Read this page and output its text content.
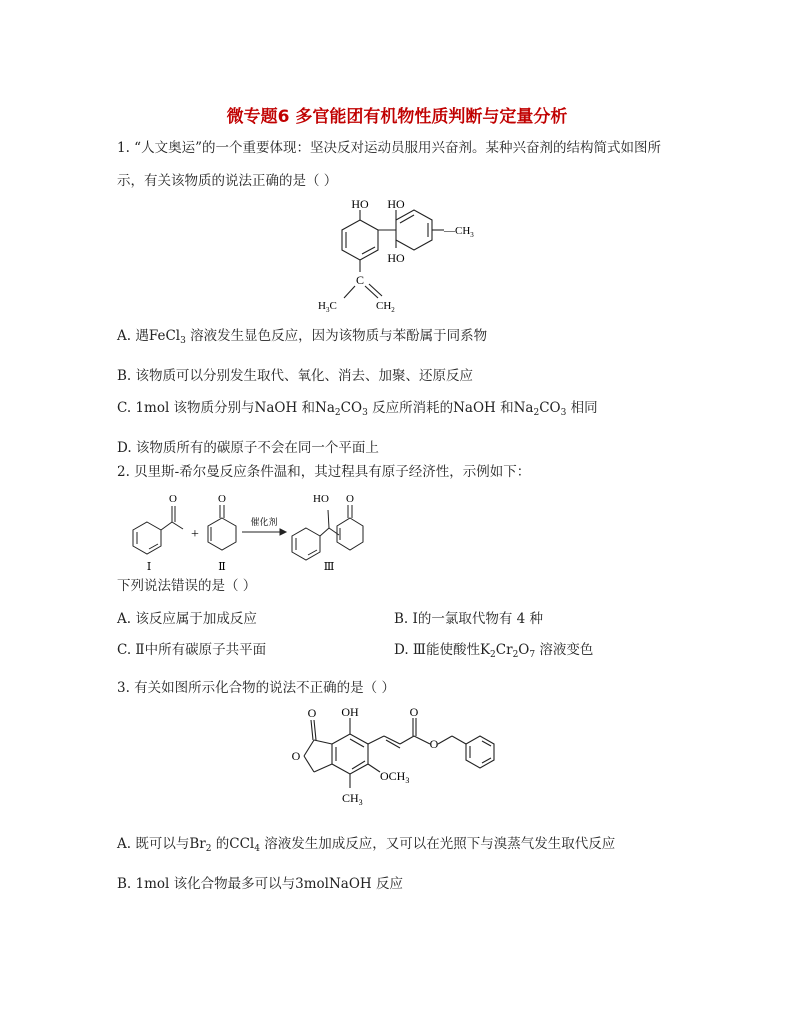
微专题6 多官能团有机物性质判断与定量分析
1. “人文奥运”的一个重要体现：坚决反对运动员服用兴奋剂。某种兴奋剂的结构简式如图所
示，有关该物质的说法正确的是（ ）
HO HO
$—CH_3$
HO
C
$H_3C$	$CH_2$
A. 遇FeCl$_3$ 溶液发生显色反应，因为该物质与苯酚属于同系物
B. 该物质可以分别发生取代、氧化、消去、加聚、还原反应
C. 1mol 该物质分别与NaOH 和$Na_2CO_3$ 反应所消耗的NaOH 和$Na_2CO_3$ 相同
D. 该物质所有的碳原子不会在同一个平面上
2. 贝里斯-希尔曼反应条件温和，其过程具有原子经济性，示例如下：
O	O	HO O
+
催化剂
Ⅰ	Ⅱ	Ⅲ
下列说法错误的是（ ）
A. 该反应属于加成反应	B. Ⅰ的一氯取代物有 4 种
C. Ⅱ中所有碳原子共平面	D. Ⅲ能使酸性$K_2Cr_2O_7$ 溶液变色
3. 有关如图所示化合物的说法不正确的是（ ）
O OH	O
O
O
$OCH_3$
$CH_3$
A. 既可以与$Br_2$ 的CCl$_4$ 溶液发生加成反应，又可以在光照下与溴蒸气发生取代反应
B. 1mol 该化合物最多可以与3molNaOH 反应
